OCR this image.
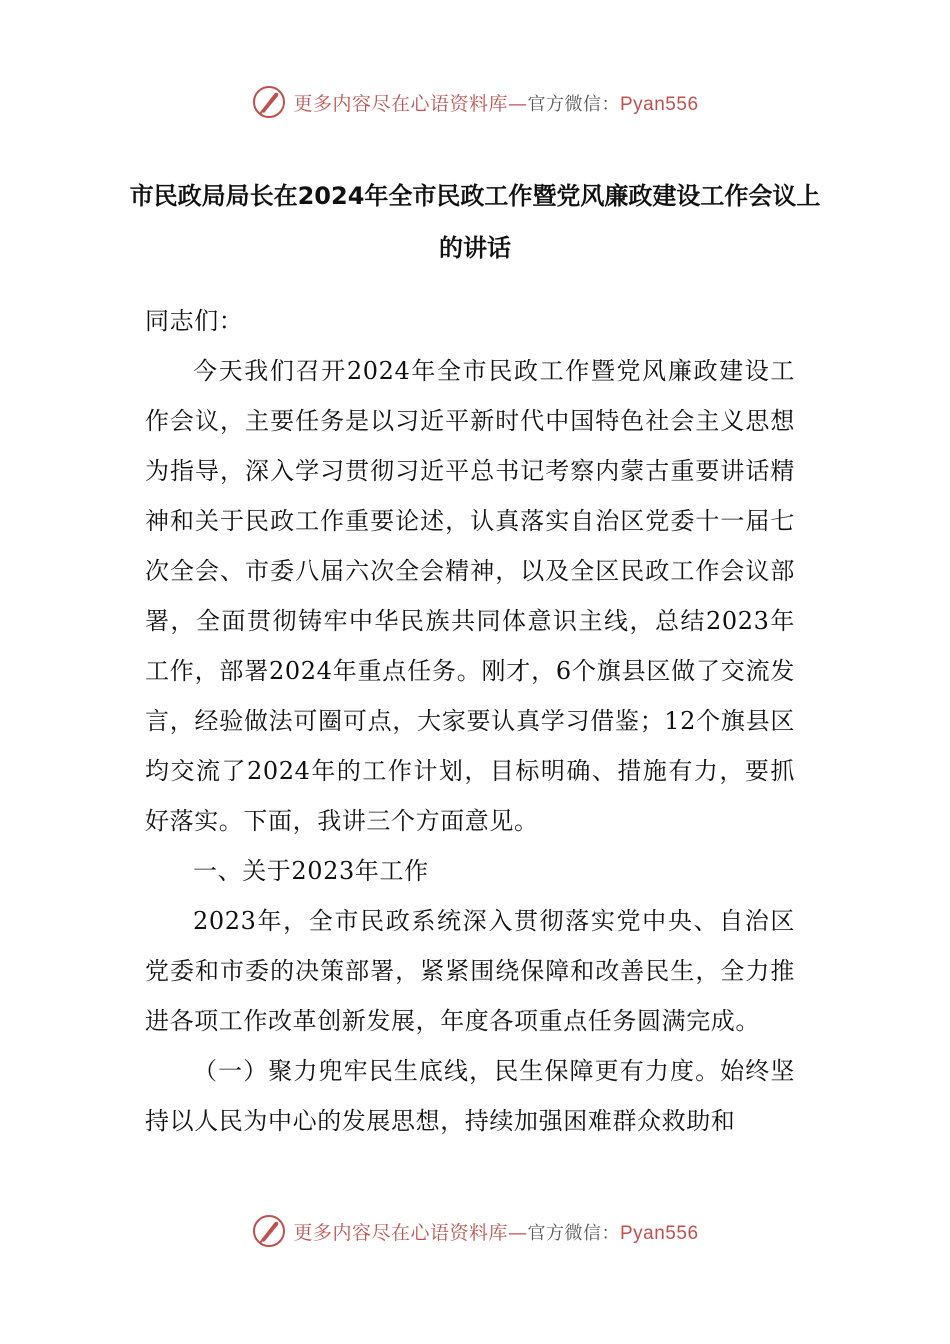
更多内容尽在心语资料库—官方微信：Pyan556
市民政局局长在2024年全市民政工作暨党风廉政建设工作会议上的讲话

同志们：

今天我们召开2024年全市民政工作暨党风廉政建设工作会议，主要任务是以习近平新时代中国特色社会主义思想为指导，深入学习贯彻习近平总书记考察内蒙古重要讲话精神和关于民政工作重要论述，认真落实自治区党委十一届七次全会、市委八届六次全会精神，以及全区民政工作会议部署，全面贯彻铸牢中华民族共同体意识主线，总结2023年工作，部署2024年重点任务。刚才，6个旗县区做了交流发言，经验做法可圈可点，大家要认真学习借鉴；12个旗县区均交流了2024年的工作计划，目标明确、措施有力，要抓好落实。下面，我讲三个方面意见。

一、关于2023年工作

2023年，全市民政系统深入贯彻落实党中央、自治区党委和市委的决策部署，紧紧围绕保障和改善民生，全力推进各项工作改革创新发展，年度各项重点任务圆满完成。

（一）聚力兜牢民生底线，民生保障更有力度。始终坚持以人民为中心的发展思想，持续加强困难群众救助和

更多内容尽在心语资料库—官方微信：Pyan556
